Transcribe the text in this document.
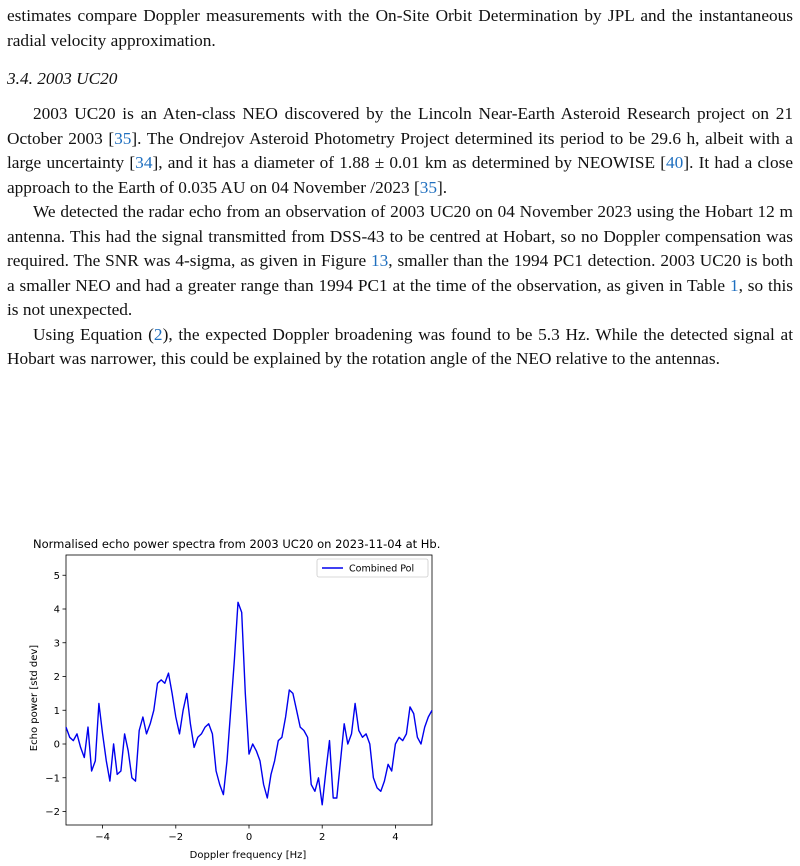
estimates compare Doppler measurements with the On-Site Orbit Determination by JPL and the instantaneous radial velocity approximation.

3.4. 2003 UC20

2003 UC20 is an Aten-class NEO discovered by the Lincoln Near-Earth Asteroid Research project on 21 October 2003 [35]. The Ondrejov Asteroid Photometry Project determined its period to be 29.6 h, albeit with a large uncertainty [34], and it has a diameter of 1.88 ± 0.01 km as determined by NEOWISE [40]. It had a close approach to the Earth of 0.035 AU on 04 November /2023 [35].

We detected the radar echo from an observation of 2003 UC20 on 04 November 2023 using the Hobart 12 m antenna. This had the signal transmitted from DSS-43 to be centred at Hobart, so no Doppler compensation was required. The SNR was 4-sigma, as given in Figure 13, smaller than the 1994 PC1 detection. 2003 UC20 is both a smaller NEO and had a greater range than 1994 PC1 at the time of the observation, as given in Table 1, so this is not unexpected.

Using Equation (2), the expected Doppler broadening was found to be 5.3 Hz. While the detected signal at Hobart was narrower, this could be explained by the rotation angle of the NEO relative to the antennas.

Normalised echo power spectra from 2003 UC20 on 2023-11-04 at Hb.
−4	−2	0	2	4
−2
−1
0
1
2
3
4
5
Doppler frequency [Hz]
Echo power [std dev]
Combined Pol
